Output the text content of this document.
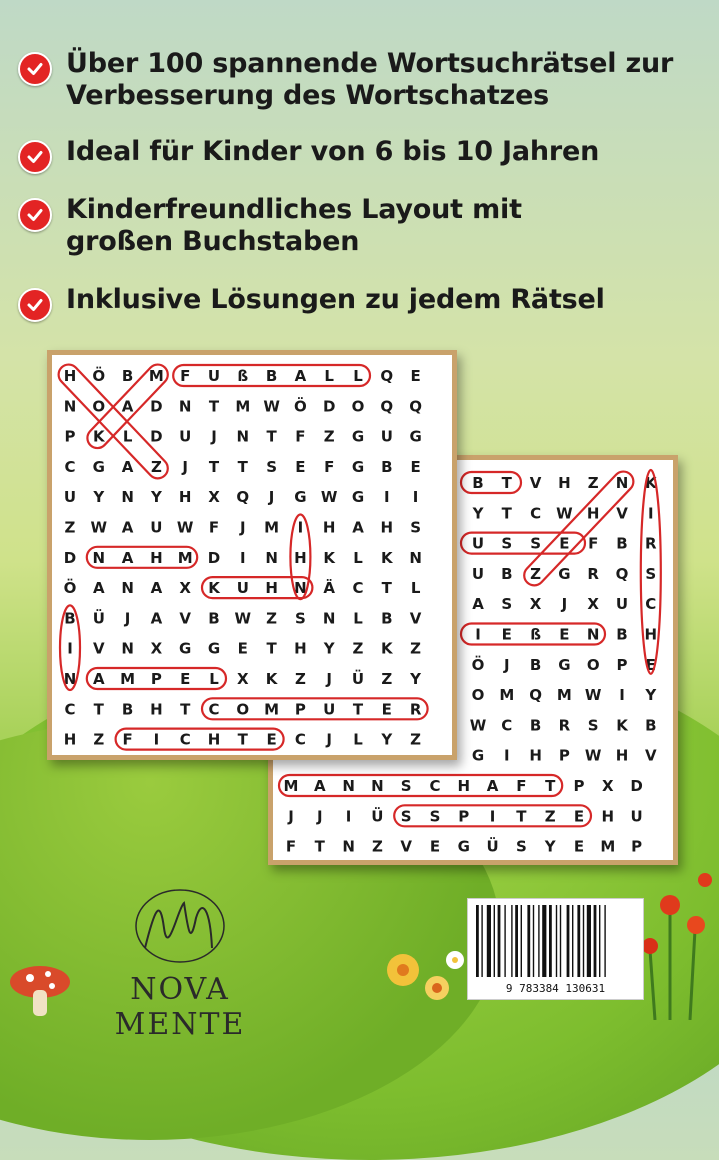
Über 100 spannende Wortsuchrätsel zur
Verbesserung des Wortschatzes
Ideal für Kinder von 6 bis 10 Jahren
Kinderfreundliches Layout mit
großen Buchstaben
Inklusive Lösungen zu jedem Rätsel
B T V H Z N K
Y T C W H V I
U S S E F B R
U B Z G R Q S
A S X J X U C
I E ß E N B H
Ö J B G O P E
O M Q M W I Y
W C B R S K B
G I H P W H V
M A N N S C H A F T P X D
J J I Ü S S P I T Z E H U
F T N Z V E G Ü S Y E M P
H Ö B M F U ß B A L L Q E
N O A D N T M W Ö D O Q Q
P K L D U J N T F Z G U G
C G A Z J T T S E F G B E
U Y N Y H X Q J G W G I I
Z W A U W F J M I H A H S
D N A H M D I N H K L K N
Ö A N A X K U H N Ä C T L
B Ü J A V B W Z S N L B V
I V N X G G E T H Y Z K Z
N A M P E L X K Z J Ü Z Y
C T B H T C O M P U T E R
H Z F I C H T E C J L Y Z
NOVA MENTE
9 783384 130631
